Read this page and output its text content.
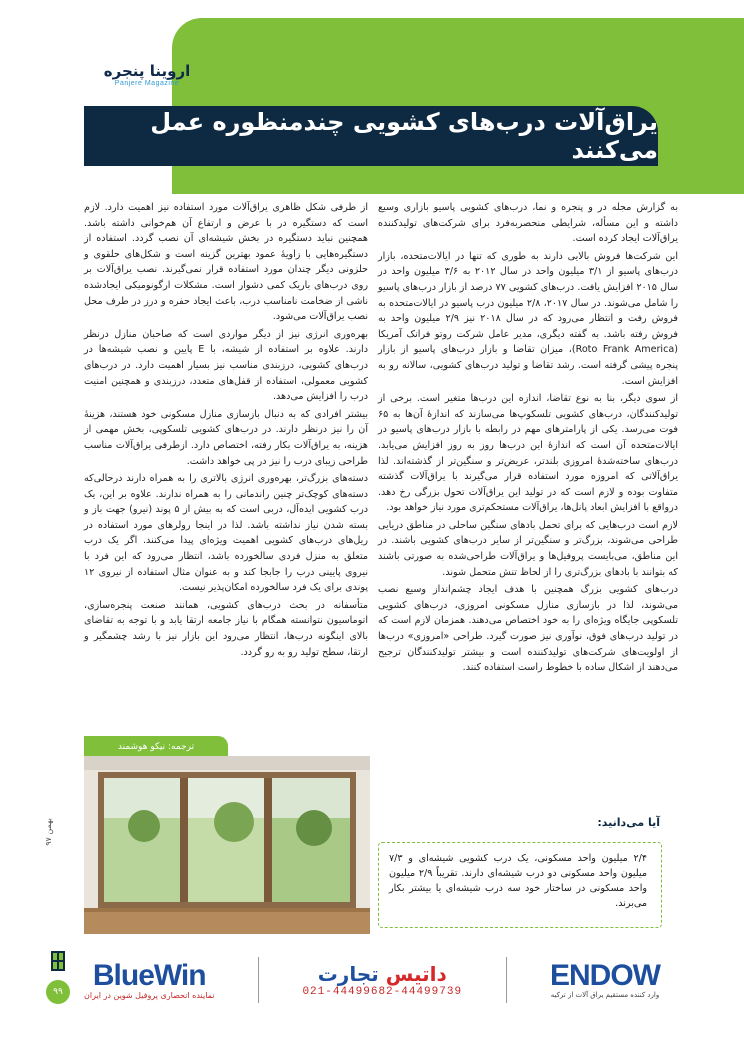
اروینا پنجره
Panjere Magazine
یراق‌آلات درب‌های کشویی چندمنظوره عمل می‌کنند

به گزارش مجله در و پنجره و نما، درب‌های کشویی پاسیو بازاری وسیع داشته و این مسأله، شرایطی منحصربه‌فرد برای شرکت‌های تولیدکننده یراق‌آلات ایجاد کرده است.

این شرکت‌ها فروش بالایی دارند به طوری که تنها در ایالات‌متحده، بازار درب‌های پاسیو از ۳/۱ میلیون واحد در سال ۲۰۱۲ به ۳/۶ میلیون واحد در سال ۲۰۱۵ افزایش یافت. درب‌های کشویی ۷۷ درصد از بازار درب‌های پاسیو را شامل می‌شوند. در سال ۲۰۱۷، ۲/۸ میلیون درب پاسیو در ایالات‌متحده به فروش رفت و انتظار می‌رود که در سال ۲۰۱۸ نیز ۲/۹ میلیون واحد به فروش رفته باشد. به گفته دیگری، مدیر عامل شرکت روتو فرانک آمریکا (Roto Frank America)، میزان تقاضا و بازار درب‌های پاسیو از بازار پنجره پیشی گرفته است. رشد تقاضا و تولید درب‌های کشویی، سالانه رو به افزایش است.

از سوی دیگر، بنا به نوع تقاضا، اندازه این درب‌ها متغیر است. برخی از تولیدکنندگان، درب‌های کشویی تلسکوپ‌ها می‌سازند که اندازهٔ آن‌ها به ۶۵ فوت می‌رسد. یکی از پارامترهای مهم در رابطه با بازار درب‌های پاسیو در ایالات‌متحده آن است که اندازهٔ این درب‌ها روز به روز افزایش می‌یابد. درب‌های ساخته‌شدهٔ امروزی بلندتر، عریض‌تر و سنگین‌تر از گذشته‌اند. لذا یراق‌آلاتی که امروزه مورد استفاده قرار می‌گیرند با یراق‌آلات گذشته متفاوت بوده و لازم است که در تولید این یراق‌آلات تحول بزرگی رخ دهد. درواقع با افزایش ابعاد پانل‌ها، یراق‌آلات مستحکم‌تری مورد نیاز خواهد بود.

لازم است درب‌هایی که برای تحمل بادهای سنگین ساحلی در مناطق دریایی طراحی می‌شوند، بزرگ‌تر و سنگین‌تر از سایر درب‌های کشویی باشند. در این مناطق، می‌بایست پروفیل‌ها و یراق‌آلات طراحی‌شده به صورتی باشند که بتوانند با بادهای بزرگ‌تری را از لحاظ تنش متحمل شوند.

درب‌های کشویی بزرگ همچنین با هدف ایجاد چشم‌انداز وسیع نصب می‌شوند، لذا در بازسازی منازل مسکونی امروزی، درب‌های کشویی تلسکوپی جایگاه ویژه‌ای را به خود اختصاص می‌دهند. همزمان لازم است که در تولید درب‌های فوق، نوآوری نیز صورت گیرد. طراحی «امروزی» درب‌ها از اولویت‌های شرکت‌های تولیدکننده است و بیشتر تولیدکنندگان ترجیح می‌دهند از اشکال ساده با خطوط راست استفاده کنند.

از طرفی شکل ظاهری یراق‌آلات مورد استفاده نیز اهمیت دارد. لازم است که دستگیره در با عرض و ارتفاع آن هم‌خوانی داشته باشد. همچنین نباید دستگیره در بخش شیشه‌ای آن نصب گردد. استفاده از دستگیره‌هایی با زاویهٔ عمود بهترین گزینه است و شکل‌های حلقوی و حلزونی دیگر چندان مورد استفاده قرار نمی‌گیرند. نصب یراق‌آلات بر روی درب‌های باریک کمی دشوار است. مشکلات ارگونومیکی ایجادشده ناشی از ضخامت نامناسب درب، باعث ایجاد حفره و درز در طرف محل نصب یراق‌آلات می‌شود.

بهره‌وری انرژی نیز از دیگر مواردی است که صاحبان منازل درنظر دارند. علاوه بر استفاده از شیشه، با E پایین و نصب شیشه‌ها در درب‌های کشویی، درزبندی مناسب نیز بسیار اهمیت دارد. در درب‌های کشویی معمولی، استفاده از قفل‌های متعدد، درزبندی و همچنین امنیت درب را افزایش می‌دهد.

بیشتر افرادی که به دنبال بازسازی منازل مسکونی خود هستند، هزینهٔ آن را نیز درنظر دارند. در درب‌های کشویی تلسکوپی، بخش مهمی از هزینه، به یراق‌آلات بکار رفته، اختصاص دارد. ازطرفی یراق‌آلات مناسب طراحی زیبای درب را نیز در پی خواهد داشت.

دسته‌های بزرگ‌تر، بهره‌وری انرژی بالاتری را به همراه دارند درحالی‌که دسته‌های کوچک‌تر چنین راندمانی را به همراه ندارند. علاوه بر این، یک درب کشویی ایده‌آل، دربی است که به بیش از ۵ پوند (نیرو) جهت باز و بسته شدن نیاز نداشته باشد. لذا در اینجا رولرهای مورد استفاده در ریل‌های درب‌های کشویی اهمیت ویژه‌ای پیدا می‌کنند. اگر یک درب متعلق به منزل فردی سالخورده باشد، انتظار می‌رود که این فرد با نیروی پایینی درب را جابجا کند و به عنوان مثال استفاده از نیروی ۱۲ پوندی برای یک فرد سالخورده امکان‌پذیر نیست.

متأسفانه در بحث درب‌های کشویی، همانند صنعت پنجره‌سازی، اتوماسیون نتوانسته همگام با نیاز جامعه ارتقا یابد و با توجه به تقاضای بالای اینگونه درب‌ها، انتظار می‌رود این بازار نیز با رشد چشمگیر و ارتقا، سطح تولید رو به رو گردد.

ترجمه: نیکو هوشمند
آیا می‌دانید:
۲/۴ میلیون واحد مسکونی، یک درب کشویی شیشه‌ای و ۷/۳ میلیون واحد مسکونی دو درب شیشه‌ای دارند. تقریباً ۲/۹ میلیون واحد مسکونی در ساختار خود سه درب شیشه‌ای یا بیشتر بکار می‌برند.
BlueWin
نماینده انحصاری پروفیل شوین در ایران
داتیس تجارت
021-44499682-44499739	ENDOW
وارد کننده مستقیم یراق آلات از ترکیه
بهمن ۹۷
۹۹
